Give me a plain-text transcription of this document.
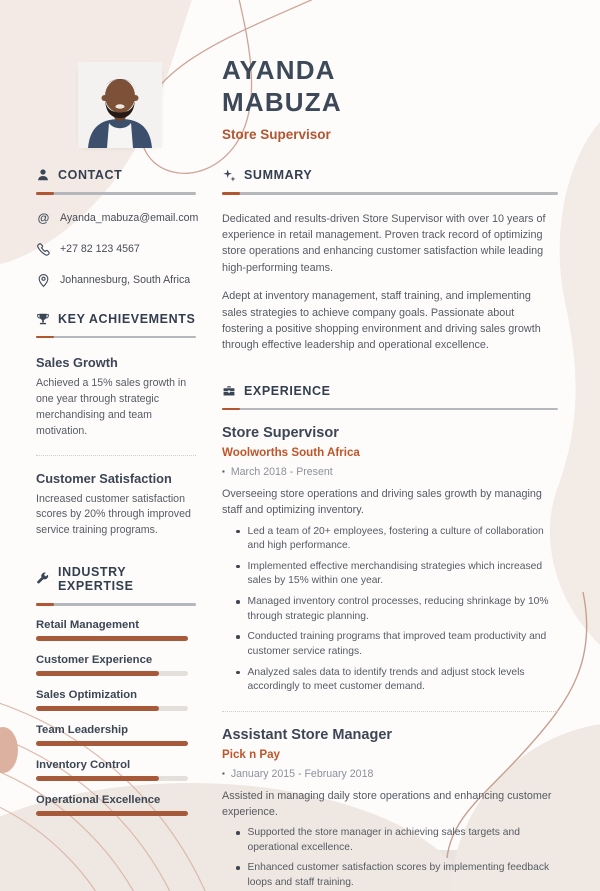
AYANDA
MABUZA
Store Supervisor
CONTACT
@ Ayanda_mabuza@email.com
+27 82 123 4567
Johannesburg, South Africa
KEY ACHIEVEMENTS
Sales Growth
Achieved a 15% sales growth in one year through strategic merchandising and team motivation.
Customer Satisfaction
Increased customer satisfaction scores by 20% through improved service training programs.
INDUSTRY EXPERTISE
Retail Management
Customer Experience
Sales Optimization
Team Leadership
Inventory Control
Operational Excellence
SUMMARY

Dedicated and results-driven Store Supervisor with over 10 years of experience in retail management. Proven track record of optimizing store operations and enhancing customer satisfaction while leading high-performing teams.

Adept at inventory management, staff training, and implementing sales strategies to achieve company goals. Passionate about fostering a positive shopping environment and driving sales growth through effective leadership and operational excellence.

EXPERIENCE
Store Supervisor
Woolworths South Africa
▪ March 2018 - Present
Overseeing store operations and driving sales growth by managing staff and optimizing inventory.
Led a team of 20+ employees, fostering a culture of collaboration and high performance.
Implemented effective merchandising strategies which increased sales by 15% within one year.
Managed inventory control processes, reducing shrinkage by 10% through strategic planning.
Conducted training programs that improved team productivity and customer service ratings.
Analyzed sales data to identify trends and adjust stock levels accordingly to meet customer demand.
Assistant Store Manager
Pick n Pay
▪ January 2015 - February 2018
Assisted in managing daily store operations and enhancing customer experience.
Supported the store manager in achieving sales targets and operational excellence.
Enhanced customer satisfaction scores by implementing feedback loops and staff training.
